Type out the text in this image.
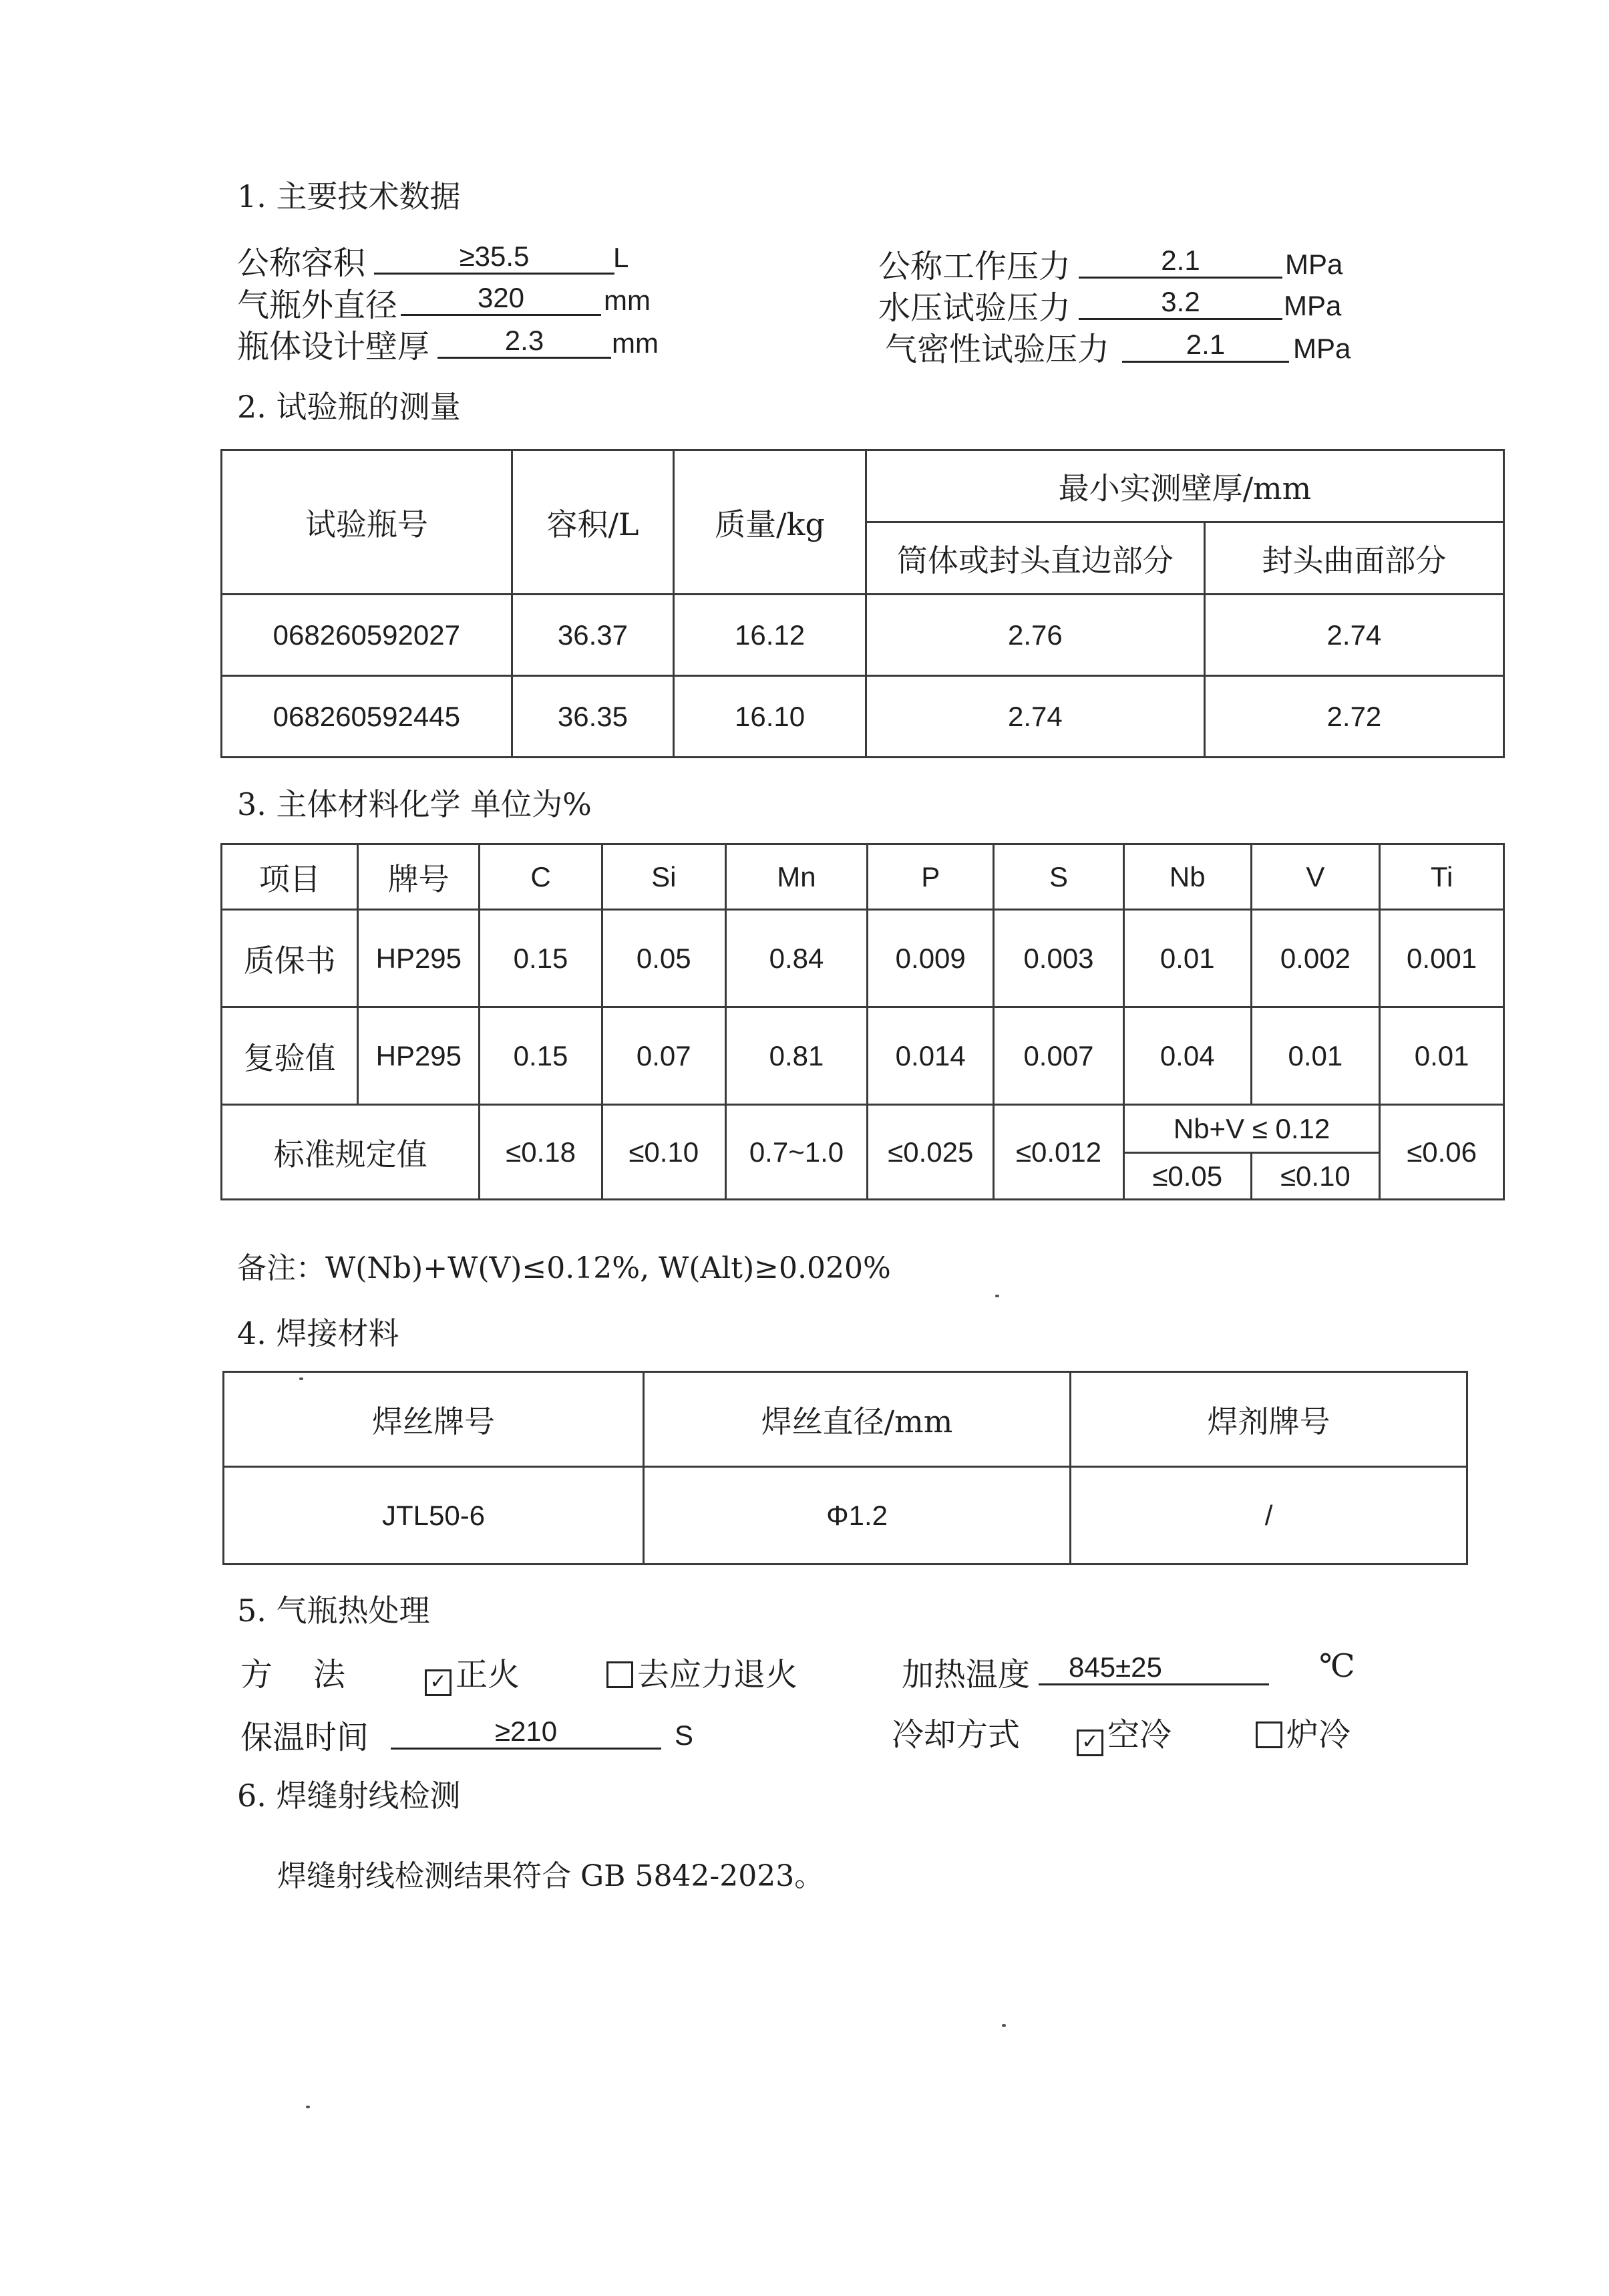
1. 主要技术数据
公称容积	≥35.5	L
气瓶外直径	320	mm
瓶体设计壁厚	2.3	mm
公称工作压力	2.1	MPa
水压试验压力	3.2	MPa
气密性试验压力	2.1	MPa
2. 试验瓶的测量
试验瓶号	容积/L	质量/kg	最小实测壁厚/mm	
			筒体或封头直边部分	封头曲面部分
068260592027	36.37	16.12	2.76	2.74
068260592445	36.35	16.10	2.74	2.72
3. 主体材料化学 单位为%
项目	牌号	C	Si	Mn	P	S	Nb	V	Ti
质保书	HP295	0.15	0.05	0.84	0.009	0.003	0.01	0.002	0.001
复验值	HP295	0.15	0.07	0.81	0.014	0.007	0.04	0.01	0.01
标准规定值		≤0.18	≤0.10	0.7~1.0	≤0.025	≤0.012	Nb+V ≤ 0.12		≤0.06
							≤0.05	≤0.10	
备注：W(Nb)+W(V)≤0.12%, W(Alt)≥0.020%
4. 焊接材料
焊丝牌号	焊丝直径/mm	焊剂牌号
JTL50-6	Φ1.2	/
5. 气瓶热处理
方    法	✓ 正火	去应力退火	加热温度	845±25	℃
保温时间	≥210	S	冷却方式	✓ 空冷	炉冷
6. 焊缝射线检测
焊缝射线检测结果符合 GB 5842-2023。
